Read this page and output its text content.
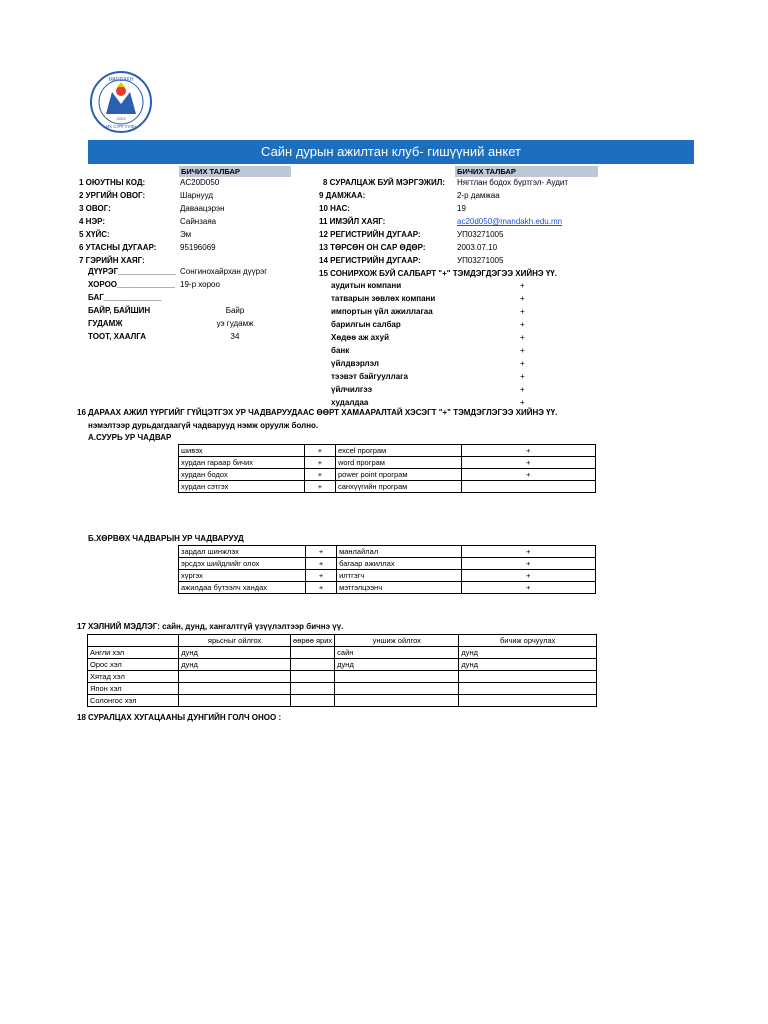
MANDAKH
ИХ СУРГУУЛЬ
2003
Сайн дурын ажилтан клуб- гишүүний анкет
БИЧИХ ТАЛБАР	БИЧИХ ТАЛБАР
1 ОЮУТНЫ КОД:	AC20D050
2 УРГИЙН ОВОГ:	Шарнууд
3 ОВОГ:	Даваацэрэн
4 НЭР:	Сайнзаяа
5 ХҮЙС:	Эм
6 УТАСНЫ ДУГААР:	95196069
7 ГЭРИЙН ХАЯГ:
ДҮҮРЭГ_____________ Сонгинохайрхан дүүрэг
ХОРОО_____________ 19-р хороо
БАГ_____________
БАЙР, БАЙШИН	Байр
ГУДАМЖ	уэ гудамж
ТООТ, ХААЛГА	34
8 СУРАЛЦАЖ БУЙ МЭРГЭЖИЛ: Нягтлан бодох бүртгэл- Аудит
9 ДАМЖАА:	2-р дамжаа
10 НАС:	19
11 ИМЭЙЛ ХАЯГ:	ac20d050@mandakh.edu.mn
12 РЕГИСТРИЙН ДУГААР:	УП03271005
13 ТӨРСӨН ОН САР ӨДӨР:	2003.07.10
14 РЕГИСТРИЙН ДУГААР:	УП03271005
15 СОНИРХОЖ БУЙ САЛБАРТ "+" ТЭМДЭГДЭГЭЭ ХИЙНЭ ҮҮ.
аудитын компани	+
татварын зөвлөх компани	+
импортын үйл ажиллагаа	+
барилгын салбар	+
Хөдөө аж ахуй	+
банк	+
үйлдвэрлэл	+
тээвэт байгууллага	+
үйлчилгээ	+
худалдаа	+
16 ДАРААХ АЖИЛ ҮҮРГИЙГ ГҮЙЦЭТГЭХ УР ЧАДВАРУУДААС ӨӨРТ ХАМААРАЛТАЙ ХЭСЭГТ "+" ТЭМДЭГЛЭГЭЭ ХИЙНЭ ҮҮ.
нэмэлтээр дурьдагдаагүй чадварууд нэмж оруулж болно.
А.СУУРЬ УР ЧАДВАР
шивэх	+	excel програм	+
хурдан гараар бичих	+	word програм	+
хурдан бодох	+	power point програм	+
хурдан сэтгэх	+	санхүүгийн програм	
Б.ХӨРВӨХ ЧАДВАРЫН УР ЧАДВАРУУД
зардал шинжлэх	+	манлайлал	+
эрсдэх шийдлийг олох	+	багаар ажиллах	+
хүргэх	+	илтгэгч	+
ажилдаа бүтээлч хандах	+	мэтгэлцээнч	+
17 ХЭЛНИЙ МЭДЛЭГ: сайн, дунд, хангалтгүй үзүүлэлтээр бичнэ үү.
	ярьсныг ойлгох	өөрөө ярих	уншиж ойлгох	бичиж орчуулах
Англи хэл	дунд		сайн	дунд
Орос хэл	дунд		дунд	дунд
Хятад хэл				
Япон хэл				
Солонгос хэл				
18 СУРАЛЦАХ ХУГАЦААНЫ ДУНГИЙН ГОЛЧ ОНОО :
